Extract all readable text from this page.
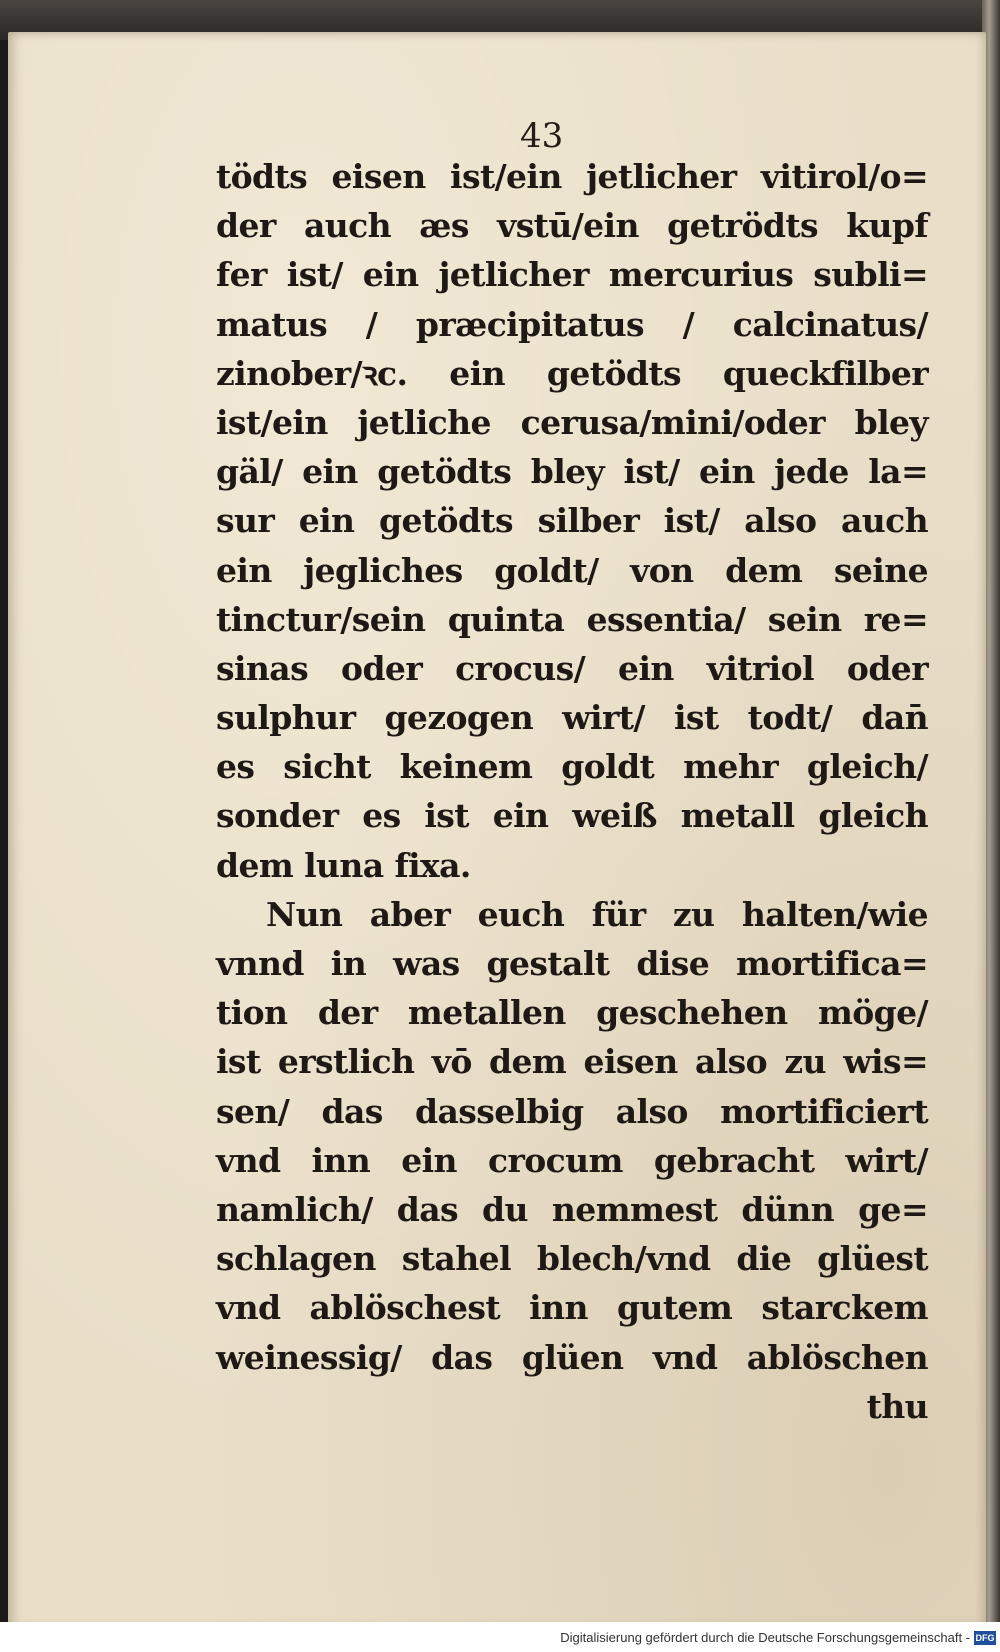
43

tödts eisen ist/ein jetlicher vitirol/o=
der auch æs vstū/ein getrödts kupf
fer ist/ ein jetlicher mercurius subli=
matus / præcipitatus / calcinatus/
zinober/ꝛc. ein getödts queckfilber
ist/ein jetliche cerusa/mini/oder bley
gäl/ ein getödts bley ist/ ein jede la=
sur ein getödts silber ist/ also auch
ein jegliches goldt/ von dem seine
tinctur/sein quinta essentia/ sein re=
sinas oder crocus/ ein vitriol oder
sulphur gezogen wirt/ ist todt/ dan̄
es sicht keinem goldt mehr gleich/
sonder es ist ein weiß metall gleich
dem luna fixa.
Nun aber euch für zu halten/wie
vnnd in was gestalt dise mortifica=
tion der metallen geschehen möge/
ist erstlich vō dem eisen also zu wis=
sen/ das dasselbig also mortificiert
vnd inn ein crocum gebracht wirt/
namlich/ das du nemmest dünn ge=
schlagen stahel blech/vnd die glüest
vnd ablöschest inn gutem starckem
weinessig/ das glüen vnd ablöschen
thu

Digitalisierung gefördert durch die Deutsche Forschungsgemeinschaft - DFG
